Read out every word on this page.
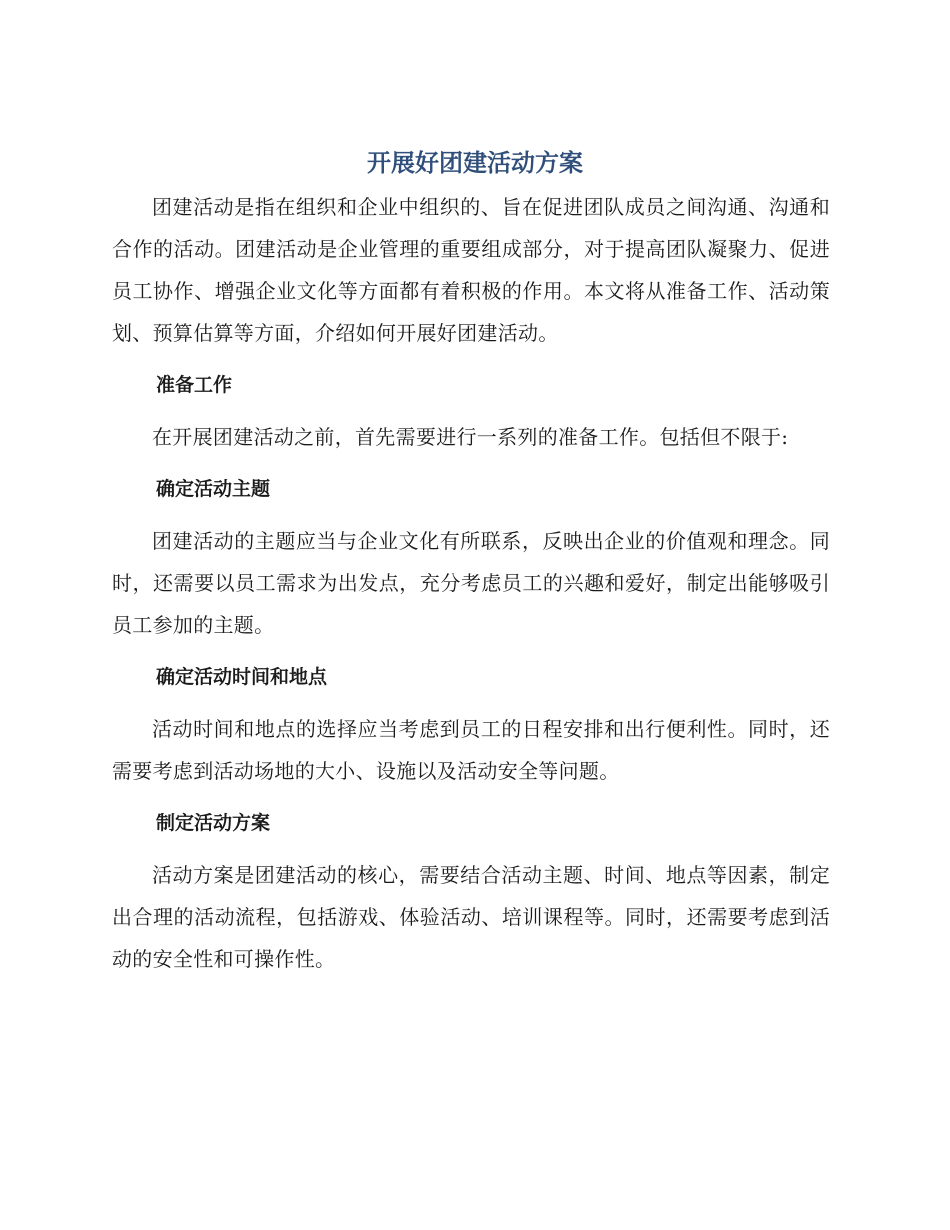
开展好团建活动方案

团建活动是指在组织和企业中组织的、旨在促进团队成员之间沟通、沟通和合作的活动。团建活动是企业管理的重要组成部分，对于提高团队凝聚力、促进员工协作、增强企业文化等方面都有着积极的作用。本文将从准备工作、活动策划、预算估算等方面，介绍如何开展好团建活动。

准备工作

在开展团建活动之前，首先需要进行一系列的准备工作。包括但不限于:

确定活动主题

团建活动的主题应当与企业文化有所联系，反映出企业的价值观和理念。同时，还需要以员工需求为出发点，充分考虑员工的兴趣和爱好，制定出能够吸引员工参加的主题。

确定活动时间和地点

活动时间和地点的选择应当考虑到员工的日程安排和出行便利性。同时，还需要考虑到活动场地的大小、设施以及活动安全等问题。

制定活动方案

活动方案是团建活动的核心，需要结合活动主题、时间、地点等因素，制定出合理的活动流程，包括游戏、体验活动、培训课程等。同时，还需要考虑到活动的安全性和可操作性。
